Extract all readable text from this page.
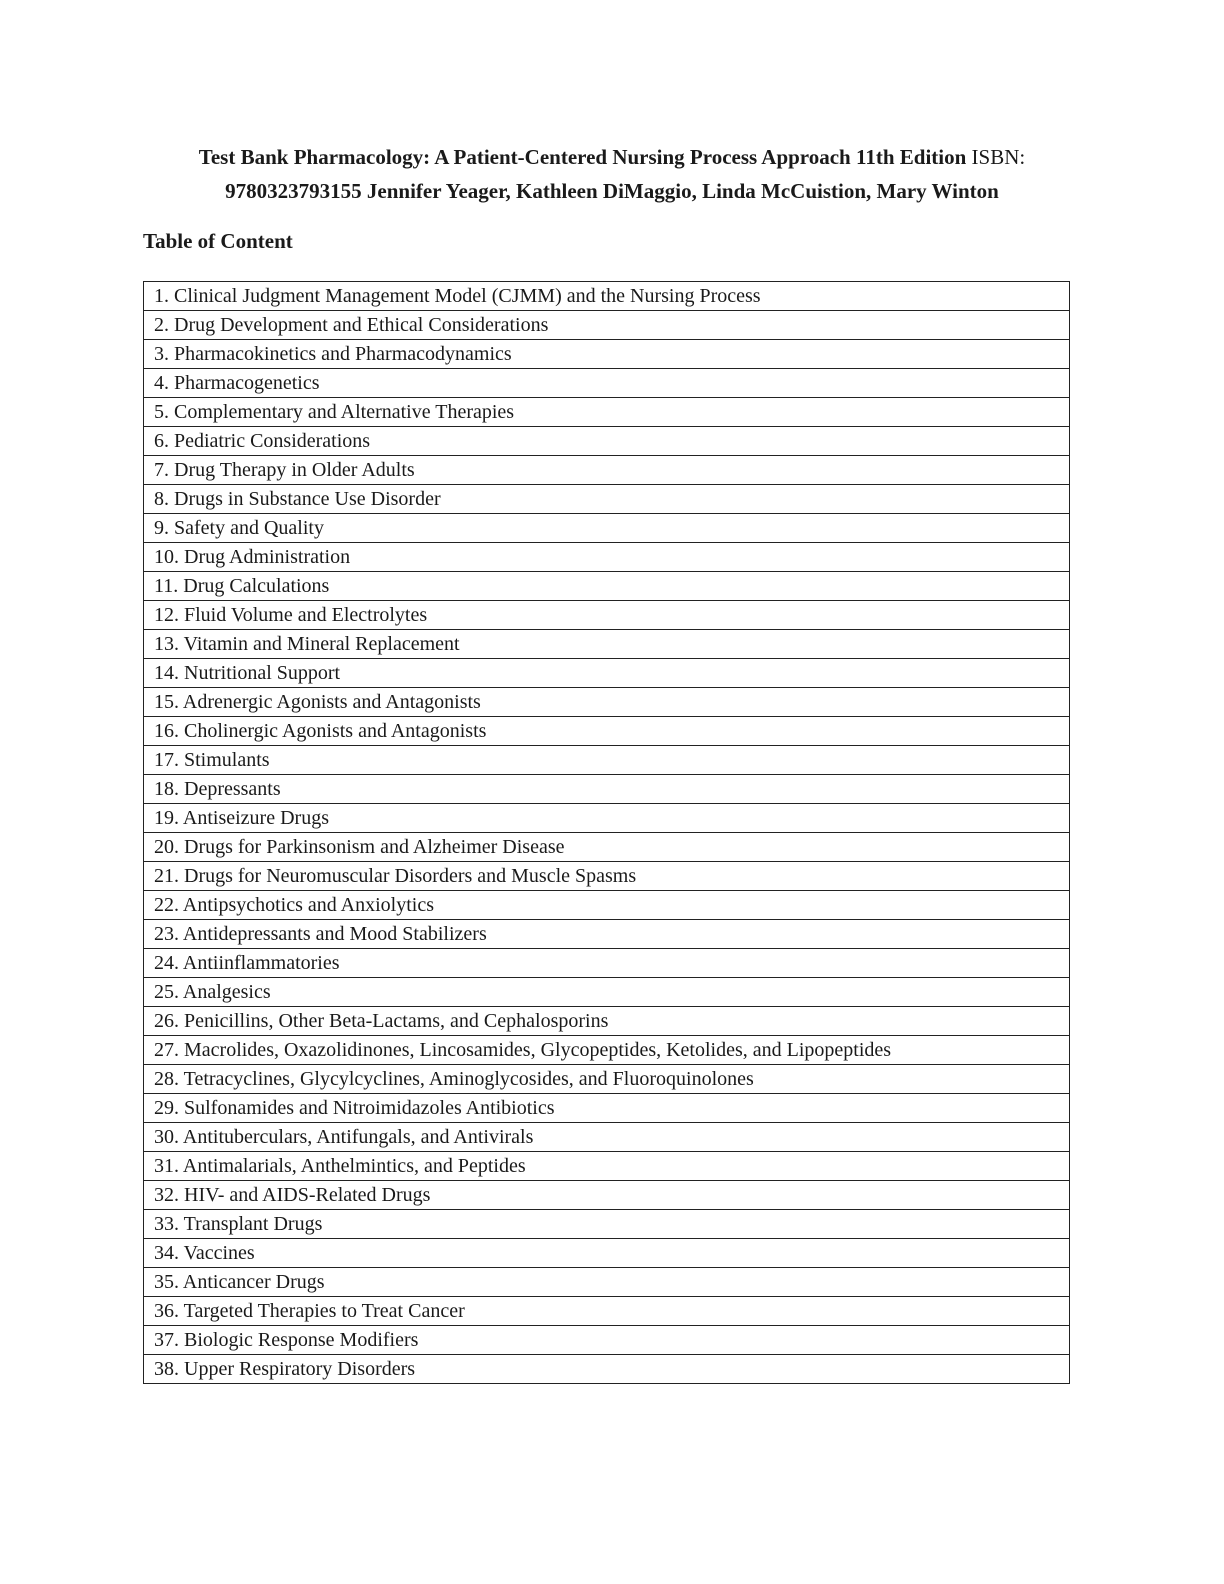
Test Bank Pharmacology: A Patient-Centered Nursing Process Approach 11th Edition ISBN:
9780323793155 Jennifer Yeager, Kathleen DiMaggio, Linda McCuistion, Mary Winton
Table of Content
1. Clinical Judgment Management Model (CJMM) and the Nursing Process
2. Drug Development and Ethical Considerations
3. Pharmacokinetics and Pharmacodynamics
4. Pharmacogenetics
5. Complementary and Alternative Therapies
6. Pediatric Considerations
7. Drug Therapy in Older Adults
8. Drugs in Substance Use Disorder
9. Safety and Quality
10. Drug Administration
11. Drug Calculations
12. Fluid Volume and Electrolytes
13. Vitamin and Mineral Replacement
14. Nutritional Support
15. Adrenergic Agonists and Antagonists
16. Cholinergic Agonists and Antagonists
17. Stimulants
18. Depressants
19. Antiseizure Drugs
20. Drugs for Parkinsonism and Alzheimer Disease
21. Drugs for Neuromuscular Disorders and Muscle Spasms
22. Antipsychotics and Anxiolytics
23. Antidepressants and Mood Stabilizers
24. Antiinflammatories
25. Analgesics
26. Penicillins, Other Beta-Lactams, and Cephalosporins
27. Macrolides, Oxazolidinones, Lincosamides, Glycopeptides, Ketolides, and Lipopeptides
28. Tetracyclines, Glycylcyclines, Aminoglycosides, and Fluoroquinolones
29. Sulfonamides and Nitroimidazoles Antibiotics
30. Antituberculars, Antifungals, and Antivirals
31. Antimalarials, Anthelmintics, and Peptides
32. HIV- and AIDS-Related Drugs
33. Transplant Drugs
34. Vaccines
35. Anticancer Drugs
36. Targeted Therapies to Treat Cancer
37. Biologic Response Modifiers
38. Upper Respiratory Disorders
